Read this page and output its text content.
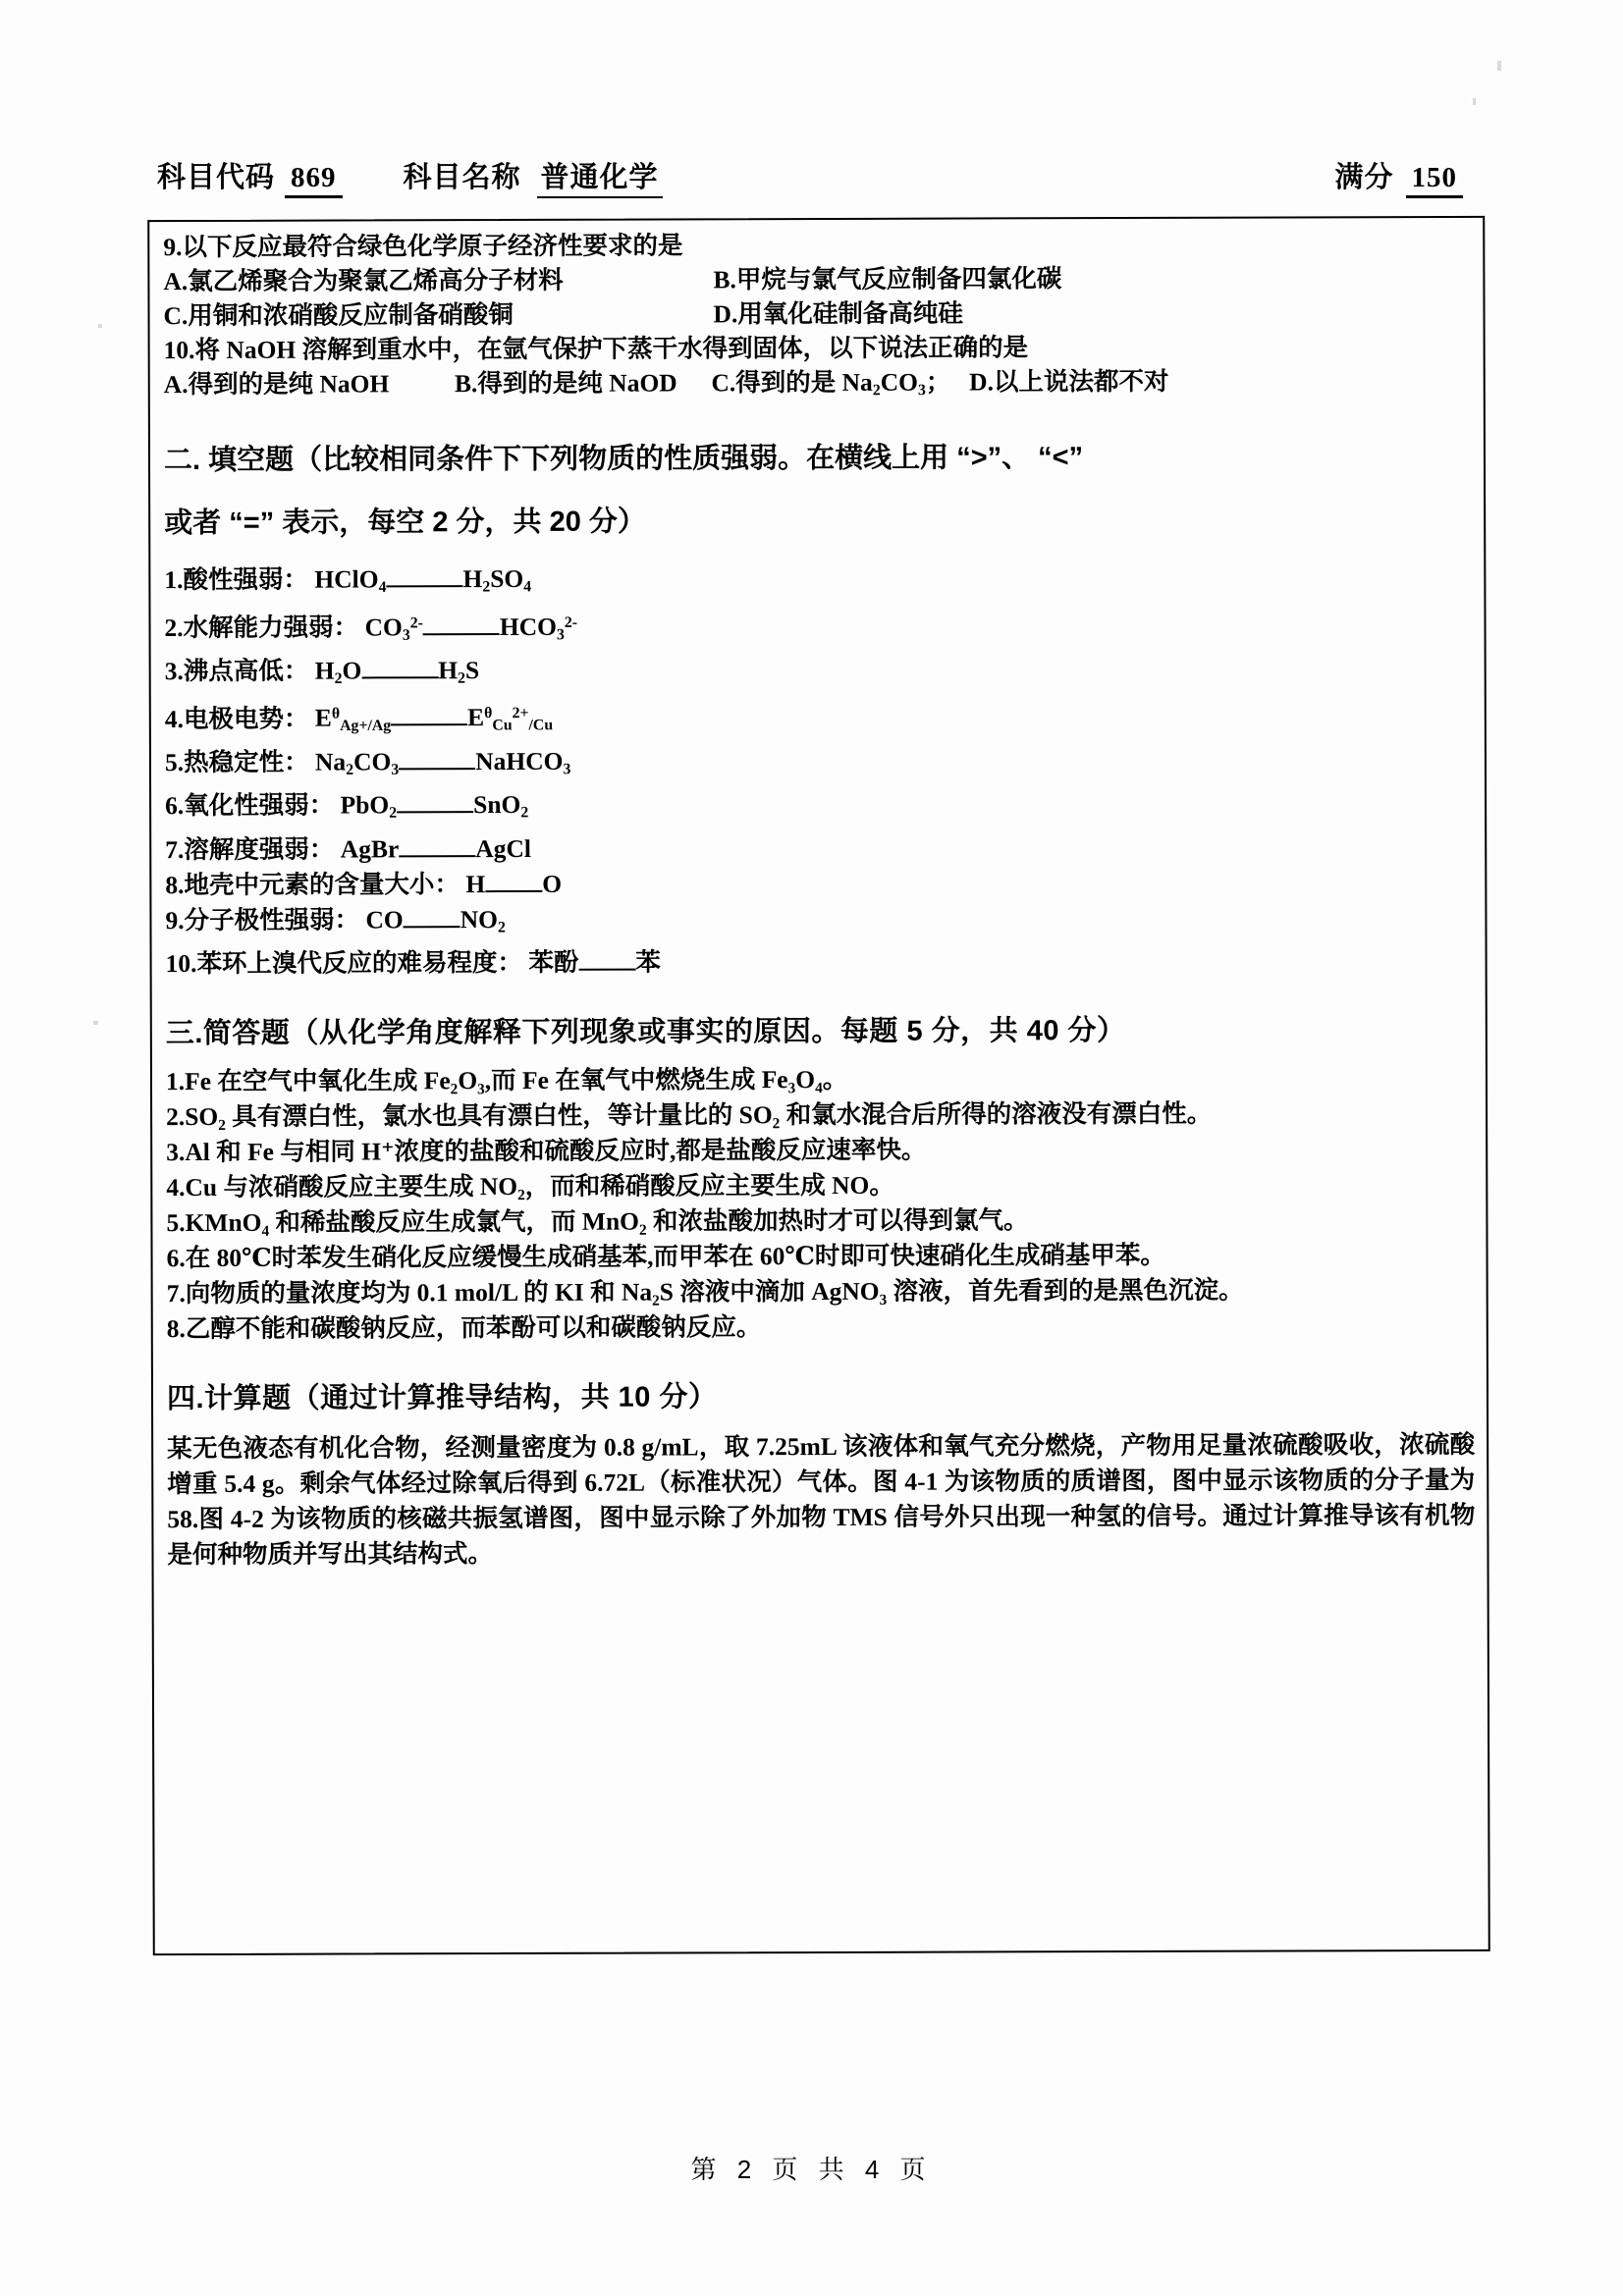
科目代码 869 科目名称 普通化学	满分 150
9.以下反应最符合绿色化学原子经济性要求的是
A.氯乙烯聚合为聚氯乙烯高分子材料	B.甲烷与氯气反应制备四氯化碳
C.用铜和浓硝酸反应制备硝酸铜	D.用氧化硅制备高纯硅
10.将 NaOH 溶解到重水中，在氩气保护下蒸干水得到固体，以下说法正确的是
A.得到的是纯 NaOH	B.得到的是纯 NaOD C.得到的是 $Na_2CO_3$； D.以上说法都不对
二. 填空题（比较相同条件下下列物质的性质强弱。在横线上用 “>”、 “<”
或者 “=” 表示，每空 2 分，共 20 分）
1.酸性强弱： HClO$_4$	$H_2SO_4$
2.水解能力强弱： $CO_3^{2-}$	$HCO_3^{2-}$
3.沸点高低： $H_2O$	$H_2S$
4.电极电势： $E^\theta_{Ag+/Ag}$	$E^\theta_{Cu}^{2+}_{/Cu}$
5.热稳定性： $Na_2CO_3$	NaHCO$_3$
6.氧化性强弱： PbO$_2$	SnO$_2$
7.溶解度强弱： AgBr	AgCl
8.地壳中元素的含量大小： H O
9.分子极性强弱： CO $NO_2$
10.苯环上溴代反应的难易程度： 苯酚 苯
三.简答题（从化学角度解释下列现象或事实的原因。每题 5 分，共 40 分）
1.Fe 在空气中氧化生成 Fe₂O₃,而 Fe 在氧气中燃烧生成 Fe₃O₄。
2.SO₂ 具有漂白性，氯水也具有漂白性，等计量比的 SO₂ 和氯水混合后所得的溶液没有漂白性。
3.Al 和 Fe 与相同 H⁺浓度的盐酸和硫酸反应时,都是盐酸反应速率快。
4.Cu 与浓硝酸反应主要生成 NO₂，而和稀硝酸反应主要生成 NO。
5.KMnO₄ 和稀盐酸反应生成氯气，而 MnO₂ 和浓盐酸加热时才可以得到氯气。
6.在 80℃时苯发生硝化反应缓慢生成硝基苯,而甲苯在 60℃时即可快速硝化生成硝基甲苯。
7.向物质的量浓度均为 0.1 mol/L 的 KI 和 Na₂S 溶液中滴加 AgNO₃ 溶液，首先看到的是黑色沉淀。
8.乙醇不能和碳酸钠反应，而苯酚可以和碳酸钠反应。
四.计算题（通过计算推导结构，共 10 分）
某无色液态有机化合物，经测量密度为 0.8 g/mL，取 7.25mL 该液体和氧气充分燃烧，产物用足量浓硫酸吸收，浓硫酸增重 5.4 g。剩余气体经过除氧后得到 6.72L（标准状况）气体。图 4-1 为该物质的质谱图，图中显示该物质的分子量为 58.图 4-2 为该物质的核磁共振氢谱图，图中显示除了外加物 TMS 信号外只出现一种氢的信号。通过计算推导该有机物是何种物质并写出其结构式。
第 2 页 共 4 页
